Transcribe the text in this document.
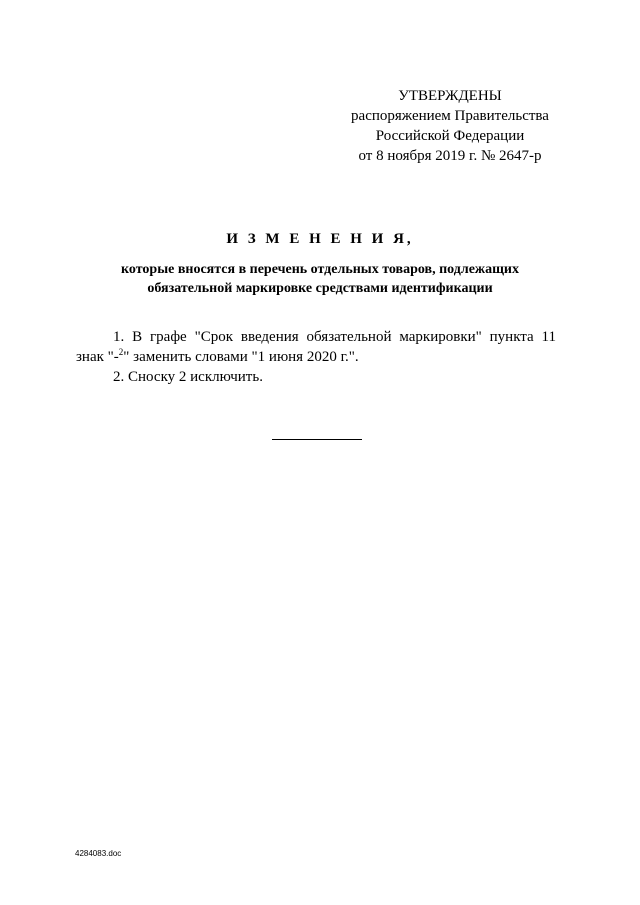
УТВЕРЖДЕНЫ
распоряжением Правительства
Российской Федерации
от 8 ноября 2019 г. № 2647-р
И З М Е Н Е Н И Я,
которые вносятся в перечень отдельных товаров, подлежащих
обязательной маркировке средствами идентификации
1. В графе "Срок введения обязательной маркировки" пункта 11
знак "-$^2$" заменить словами "1 июня 2020 г.".
2. Сноску 2 исключить.
4284083.doc
